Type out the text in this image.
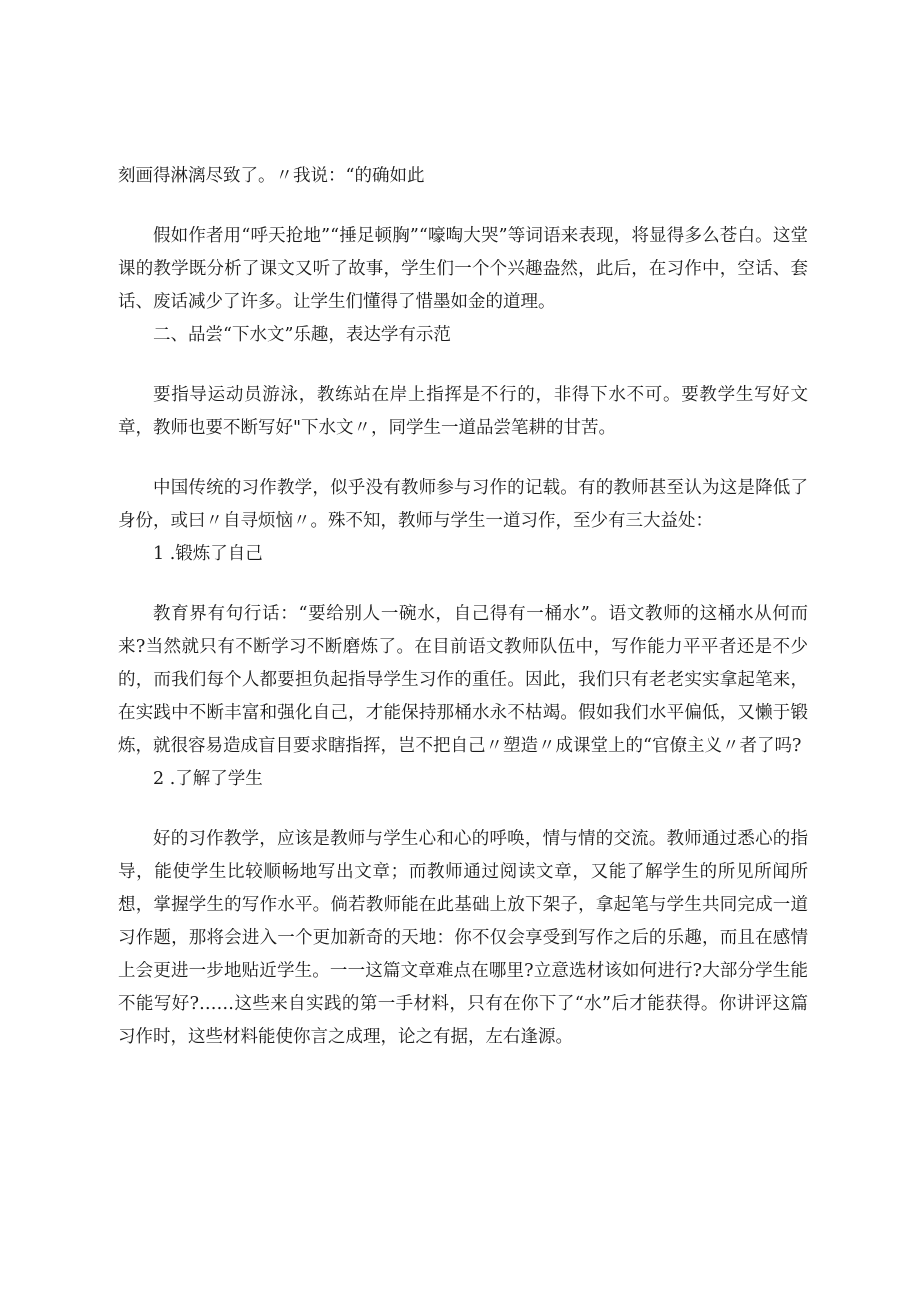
刻画得淋漓尽致了。〃我说：“的确如此

假如作者用“呼天抢地”“捶足顿胸”“嚎啕大哭”等词语来表现，将显得多么苍白。这堂课的教学既分析了课文又听了故事，学生们一个个兴趣盎然，此后，在习作中，空话、套话、废话减少了许多。让学生们懂得了惜墨如金的道理。

二、品尝“下水文”乐趣，表达学有示范

要指导运动员游泳，教练站在岸上指挥是不行的，非得下水不可。要教学生写好文章，教师也要不断写好"下水文〃，同学生一道品尝笔耕的甘苦。

中国传统的习作教学，似乎没有教师参与习作的记载。有的教师甚至认为这是降低了身份，或曰〃自寻烦恼〃。殊不知，教师与学生一道习作，至少有三大益处：

1 .锻炼了自己

教育界有句行话：“要给别人一碗水，自己得有一桶水”。语文教师的这桶水从何而来?当然就只有不断学习不断磨炼了。在目前语文教师队伍中，写作能力平平者还是不少的，而我们每个人都要担负起指导学生习作的重任。因此，我们只有老老实实拿起笔来，在实践中不断丰富和强化自己，才能保持那桶水永不枯竭。假如我们水平偏低，又懒于锻炼，就很容易造成盲目要求瞎指挥，岂不把自己〃塑造〃成课堂上的“官僚主义〃者了吗?

2 .了解了学生

好的习作教学，应该是教师与学生心和心的呼唤，情与情的交流。教师通过悉心的指导，能使学生比较顺畅地写出文章；而教师通过阅读文章，又能了解学生的所见所闻所想，掌握学生的写作水平。倘若教师能在此基础上放下架子，拿起笔与学生共同完成一道习作题，那将会进入一个更加新奇的天地：你不仅会享受到写作之后的乐趣，而且在感情上会更进一步地贴近学生。一一这篇文章难点在哪里?立意选材该如何进行?大部分学生能不能写好?……这些来自实践的第一手材料，只有在你下了“水”后才能获得。你讲评这篇习作时，这些材料能使你言之成理，论之有据，左右逢源。
